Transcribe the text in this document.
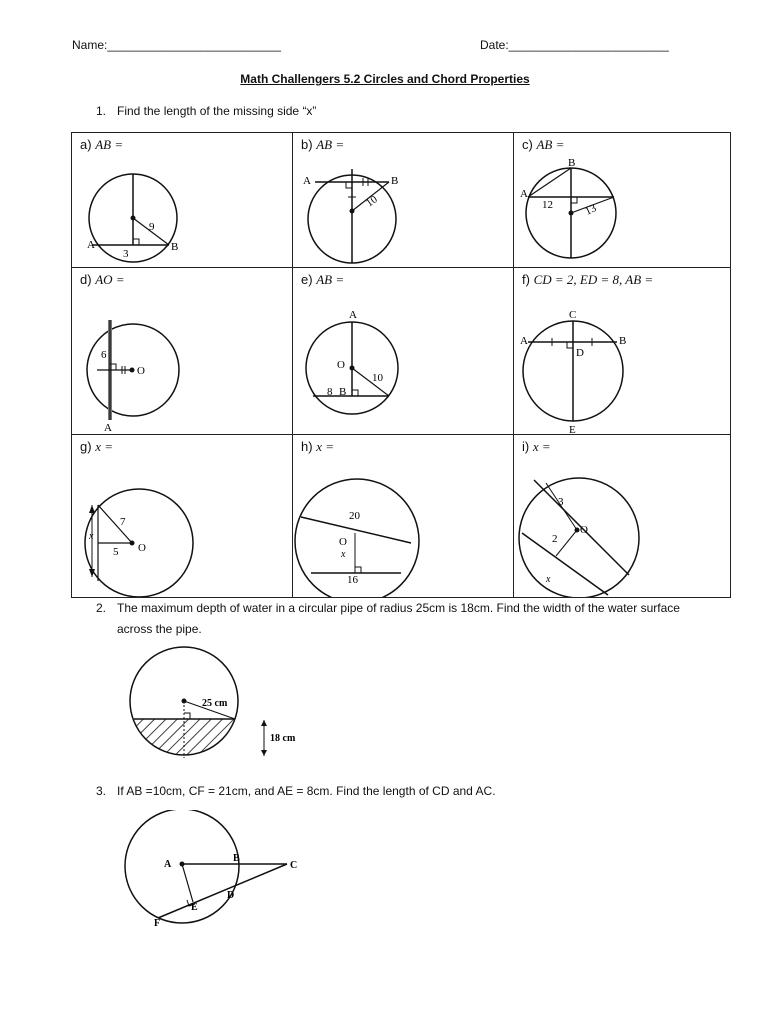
Name:__________________________	Date:________________________
Math Challengers 5.2 Circles and Chord Properties
1. Find the length of the missing side “x”
a) AB =
A	B
9
3
b) AB =
A	B
10
c) AB =
B
A
12	13
d) AO =
6
O
A
e) AB =
A
O
B
8
10
f) CD = 2, ED = 8, AB =
C
A	B
D
E
g) x =
x
7
5 O
h) x =
20
16
x
O
i) x =
3
2
x
O
2. The maximum depth of water in a circular pipe of radius 25cm is 18cm. Find the width of the water surface
across the pipe.
25 cm
18 cm
3. If AB =10cm, CF = 21cm, and AE = 8cm. Find the length of CD and AC.
A
B
C
D
E
F
